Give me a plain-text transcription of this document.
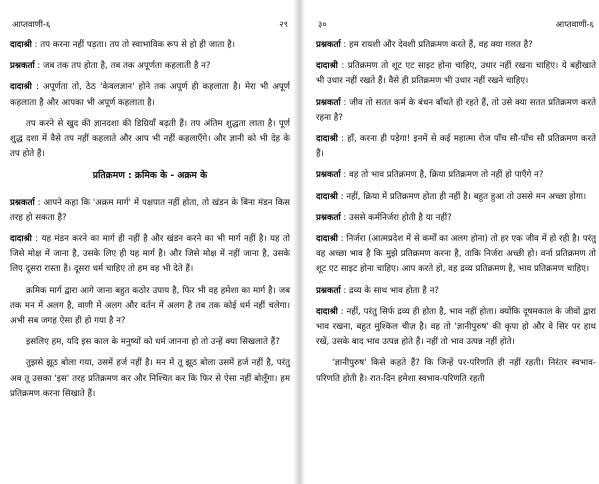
आप्तवाणी-६	२९

दादाश्री : तप करना नहीं पड़ता। तप तो स्वाभाविक रूप से हो ही जाता है।

प्रश्नकर्ता : जब तक तप होता है, तब तक अपूर्णता कहलाती है न?

दादाश्री : अपूर्णता तो, ठेठ 'केवलज्ञान' होने तक अपूर्ण ही कहलाता है। मेरा भी अपूर्ण कहलाता है और आपका भी अपूर्ण कहलाता है।

तप करने से खुद की ज्ञानदशा की डिग्रियाँ बढ़ती हैं। तप अंतिम शुद्धता लाता है। पूर्ण शुद्ध दशा में वैसे तप नहीं कहलाते और आप भी नहीं कहलाएँगे। और ज्ञानी को भी देह के तप होते हैं।

प्रतिक्रमण : क्रमिक के - अक्रम के

प्रश्नकर्ता : आपने कहा कि 'अक्रम मार्ग' में पक्षपात नहीं होता, तो खंडन के बिना मंडन किस तरह हो सकता है?

दादाश्री : यह मंडन करने का मार्ग ही नहीं है और खंडन करने का भी मार्ग नहीं है। यह तो जिसे मोक्ष में जाना है, उसके लिए ही यह मार्ग है। और जिसे मोक्ष में नहीं जाना है, उसके लिए दूसरा रास्ता है। दूसरा धर्म चाहिए तो हम वह भी देते हैं।

क्रमिक मार्ग द्वारा आगे जाना बहुत कठोर उपाय है, फिर भी वह हमेशा का मार्ग है। जब तक मन में अलग है, वाणी में अलग और वर्तन में अलग है तब तक कोई धर्म नहीं चलेगा। अभी सब जगह ऐसा ही हो गया है न?

इसलिए हम, यदि इस काल के मनुष्यों को धर्म जानना हो तो उन्हें क्या सिखलाते हैं?

तुझसे झूठ बोला गया, उसमें हर्ज नहीं है। मन में तू झूठ बोला उसमें हर्ज नहीं है, परंतु अब तू उसका 'इस' तरह प्रतिक्रमण कर और निश्चित कर कि फिर से ऐसा नहीं बोलूँगा। हम प्रतिक्रमण करना सिखाते हैं।

३०	आप्तवाणी-६

प्रश्नकर्ता : हम रायशी और देवशी प्रतिक्रमण करते हैं, वह क्या गलत है?

दादाश्री : प्रतिक्रमण तो शूट एट साइट होना चाहिए, उधार नहीं रखना चाहिए। ये बहीखाते भी उधार नहीं रखते हैं। वैसे ही प्रतिक्रमण भी उधार नहीं रखने चाहिए।

प्रश्नकर्ता : जीव तो सतत कर्म के बंधन बाँधते ही रहते हैं, तो उसे क्या सतत प्रतिक्रमण करते रहना है?

दादाश्री : हाँ, करना ही पड़ेगा! इनमें से कई महात्मा रोज पाँच सौ-पाँच सौ प्रतिक्रमण करते हैं।

प्रश्नकर्ता : वह तो भाव प्रतिक्रमण है, क्रिया प्रतिक्रमण तो नहीं हो पाएँगे न?

दादाश्री : नहीं, क्रिया में प्रतिक्रमण होता ही नहीं है। बहुत हुआ तो उससे मन अच्छा होगा।

प्रश्नकर्ता : उससे कर्मनिर्जरा होती है या नहीं?

दादाश्री : निर्जरा (आत्मप्रदेश में से कर्मों का अलग होना) तो हर एक जीव में हो रही है। परंतु वह अच्छा भाव है कि मुझे प्रतिक्रमण करना है, ताकि निर्जरा अच्छी हो। वर्ना प्रतिक्रमण तो शूट एट साइट होना चाहिए। आप करते हो, वह द्रव्य प्रतिक्रमण है, भाव प्रतिक्रमण चाहिए।

प्रश्नकर्ता : द्रव्य के साथ भाव होता है न?

दादाश्री : नहीं, परंतु सिर्फ द्रव्य ही होता है, भाव नहीं होता। क्योंकि दूषमकाल के जीवों द्वारा भाव रखना, बहुत मुश्किल चीज़ है। वह तो 'ज्ञानीपुरुष' की कृपा हो और वे सिर पर हाथ रखें, उसके बाद भाव उत्पन्न होते हैं। नहीं तो भाव उत्पन्न नहीं होते।

'ज्ञानीपुरुष' किसे कहते हैं? कि जिन्हें पर-परिणति ही नहीं रहती। निरंतर स्वभाव-परिणति होती है। रात-दिन हमेशा स्वभाव-परिणति रहती
